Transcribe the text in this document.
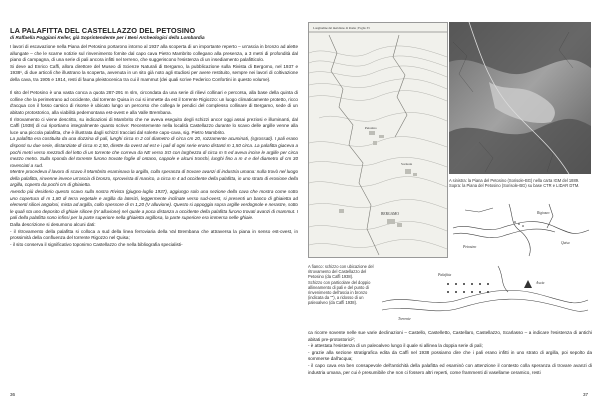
LA PALAFITTA DEL CASTELLAZZO DEL PETOSINO
di Raffaella Poggiani Keller, già Soprintendente per i Beni Archeologici della Lombardia

I lavori di escavazione nella Piana del Petosino portarono intorno al 1937 alla scoperta di un importante reperto – un'ascia in bronzo ad alette allungate – che le scarne notizie sul rinvenimento fornite dal capo cava Pietro Mambrito collegano alla presenza, a 3 metri di profondità dal piano di campagna, di una serie di pali ancora infitti nel terreno, che suggeriscono l'esistenza di un insediamento palafitticolo.

Si deve ad Enrico Caffi, allora direttore del Museo di Scienze Naturali di Bergamo, la pubblicazione sulla Rivista di Bergomo, nel 1937 e 1938¹, di due articoli che illustrano la scoperta, avvenuta in un sito già noto agli studiosi per avere restituito, sempre nei lavori di coltivazione della cava, tra 1905 e 1914, resti di fauna pleistocenica tra cui il mammut (dei quali scrive Federico Confortini in questo volume).

Il sito del Petosino è una vasta conca a quota 287-291 m slm, circondata da una serie di rilievi collinari e percorsa, alla base della quinta di colline che la perimetrano ad occidente, dal torrente Quisa in cui si immette da est il torrente Rigiozzo: un luogo climaticamente protetto, ricco d'acqua con il fosso carsico di risorse è ubicato lungo un percorso che collega le pendici del complesso collinare di Bergamo, sede di un abitato protostorico, alla viabilità pedemontana est-ovest e alla Valle Brembana.

Il ritrovamento ci viene descritto, su indicazioni di Mambrito che ne aveva eseguito degli schizzi ancor oggi assai preziosi e illuminanti, dal Caffi (1938) di cui riportiamo integralmente quanto scrive: Recentemente nella località Castellazzo durante lo scavo delle argille venne alla luce una piccola palafitta, che è illustrata dagli schizzi tracciati dal solerte capo-cava, sig. Pietro Mambrito.

La palafitta era costituita da una dozzina di pali, lunghi circa m 2 col diametro di circa cm 20, rozzamente acuminati, (sgrossati). I pali erano disposti su due serie, distanziate di circa m 2,50, dirette da ovest ad est e i pali di ogni serie erano distanti m 1,50 circa. La palafitta giaceva a pochi metri verso mezzodì del letto di un torrente che correva da NE verso SO con larghezza di circa m 5 ed aveva incise le argille per circa mezzo metro. Sulla sponda del torrente furono trovate foglie di ontano, cappole e alcuni tronchi, lunghi fino a m 4 e del diametro di cm 30 rovesciati a sud.

Mentre procedeva il lavoro di scavo il Mambrito esaminava la argilla, colla speranza di trovare avanzi di industria umana: nulla trovò nel luogo della palafitta, rinvenne invece un'ascia di bronzo, sprovvista di manico, a circa m 4 ad occidente della palafitta, in uno strato di erosione della argilla, coperto da pochi cm di ghiaietta.

Avendo più desiderio questo scavo sulla nostra Rivista (giugno-luglio 1937), aggiungo solo una sezione della cava che mostra come sotto uno copertura di m 1,80 di terra vegetale e argilla da laterizi, leggermente inclinate verso sud-ovest, si presenti un banco di ghiaietta ad elementi silicei angolosi, mista ad argilla, collo spessore di m 1,20 (V alluvione). Questo si appoggia sopra argille verdognole e nerastre, sotto le quali sta uno deposito di ghiaie silicee (IV alluvione) nel quale a poca distanza a occidente della palafitta furono trovati avanzi di mammut. I pali della palafitta sono infissi per la parte superiore nella ghiaietta argillosa, la parte superiore era immersa nelle ghiaie.

Dalla descrizione si desumono alcuni dati:

- il ritrovamento della palafitta si colloca a sud della linea ferroviaria della Val Brembana che attraversa la piana in senso est-ovest, in prossimità della confluenza del torrente Rigozzo nel Quisa;

- il sito conserva il significativo toponimo Castellazzo che nella bibliografia specialisti-

Longitudine dal meridiano di Roma | Foglio 33
Petosino
Sorisole
BERGAMO

A sinistra: la Piana del Petosino (Sorisole-BG) nella carta IGM del 1889.

Sopra: la Piana del Petosino (Sorisole-BG) su base CTR e LIDAR DTM.

Petosino
Rigiozzo
Quisa
Palafitta
Ascia
Torrente

A fianco: schizzo con ubicazione del ritrovamento del Castellazzo del Petosino (da Caffi 1938).

Schizzo con particolare del doppio allineamento di pali e del punto di rinvenimento dell'ascia in bronzo (indicata da ""), a ridosso di un paleoalveo (da Caffi 1938).

ca ricorre sovente nelle sue varie declinazioni – Castello, Castelletto, Castellaro, Castellazzo, Scarlasso – a indicare l'esistenza di antichi abitati pre-protostorici²;

- è attestata l'esistenza di un paleoalveo lungo il quale si allinea la doppia serie di pali;

- grazie alla sezione stratigrafica edita da Caffi nel 1938 possiamo dire che i pali erano infitti in uno strato di argilla, poi sepolto da sommerse dall'acqua;

- il capo cava era ben consapevole dell'antichità della palafitta ed esaminò con attenzione il contesto colla speranza di trovare avanzi di industria umana, per cui è presumibile che non ci fossero altri reperti, come frammenti di vasellame ceramico, resti

36	37
